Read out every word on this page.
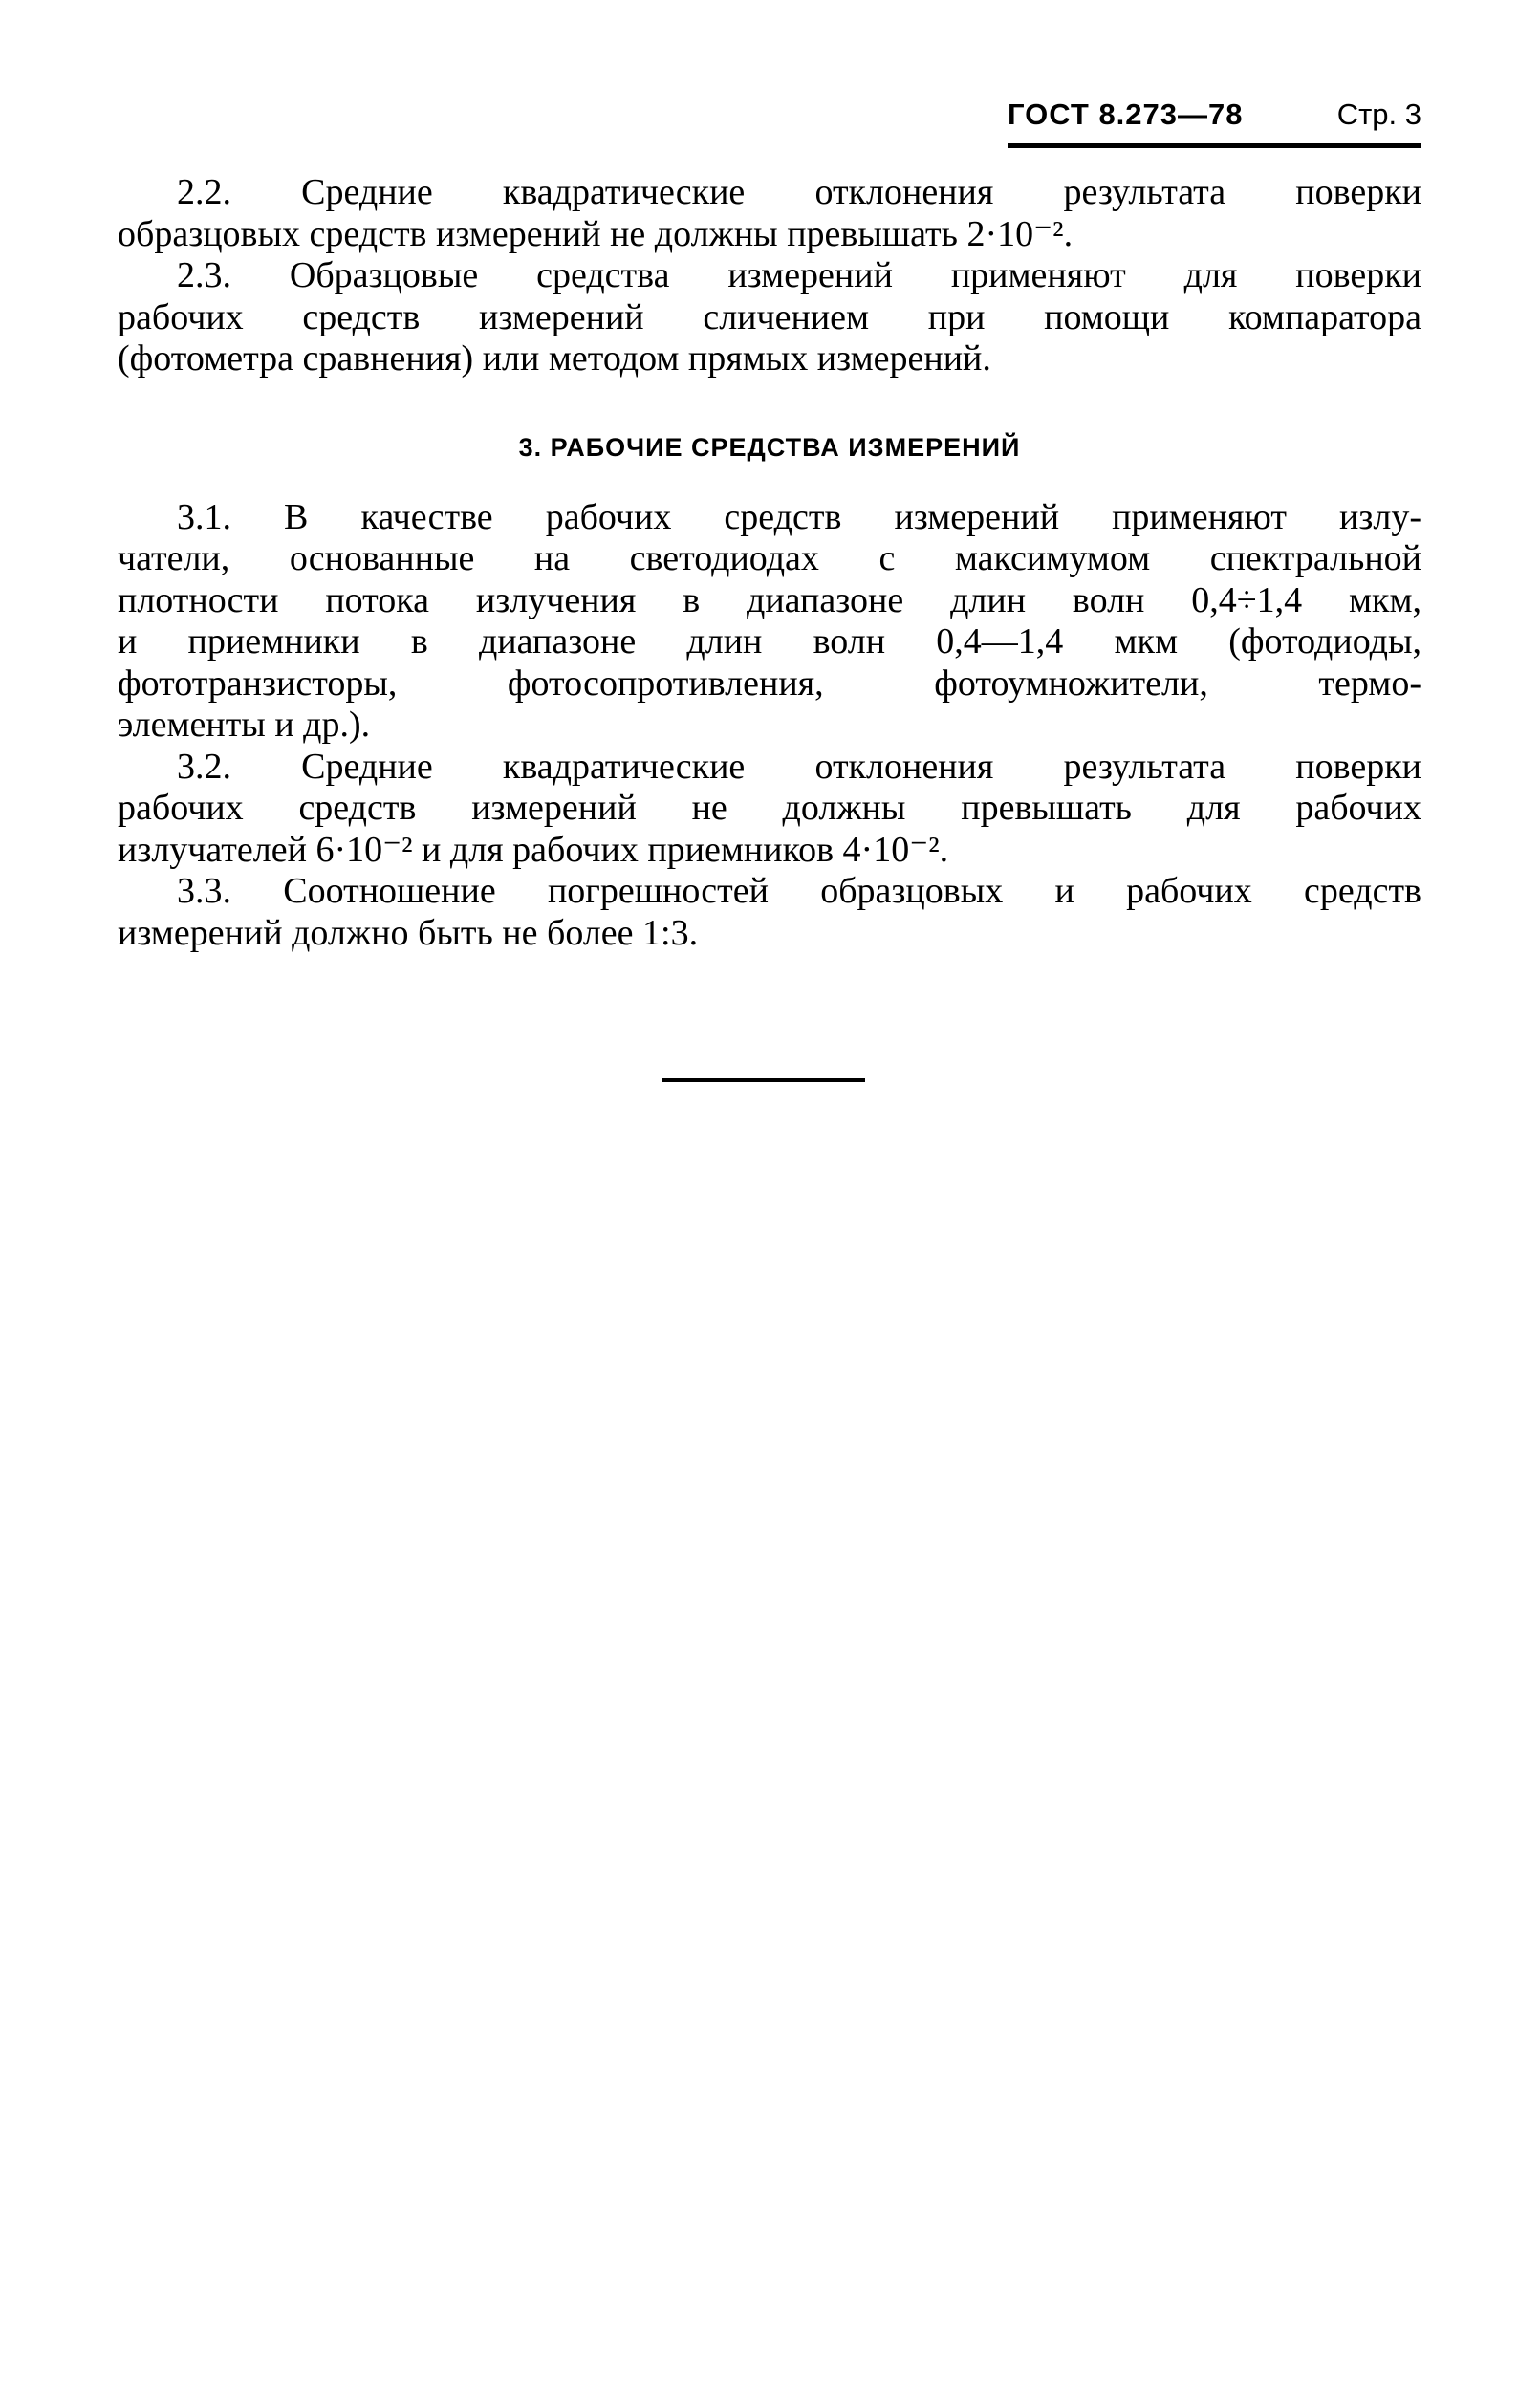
ГОСТ 8.273—78	Стр. 3
2.2. Средние квадратические отклонения результата поверки
образцовых средств измерений не должны превышать 2·10⁻².
2.3. Образцовые средства измерений применяют для поверки
рабочих средств измерений сличением при помощи компаратора
(фотометра сравнения) или методом прямых измерений.
3. РАБОЧИЕ СРЕДСТВА ИЗМЕРЕНИЙ
3.1. В качестве рабочих средств измерений применяют излу-
чатели, основанные на светодиодах с максимумом спектральной
плотности потока излучения в диапазоне длин волн 0,4÷1,4 мкм,
и приемники в диапазоне длин волн 0,4—1,4 мкм (фотодиоды,
фототранзисторы, фотосопротивления, фотоумножители, термо-
элементы и др.).
3.2. Средние квадратические отклонения результата поверки
рабочих средств измерений не должны превышать для рабочих
излучателей 6·10⁻² и для рабочих приемников 4·10⁻².
3.3. Соотношение погрешностей образцовых и рабочих средств
измерений должно быть не более 1:3.
